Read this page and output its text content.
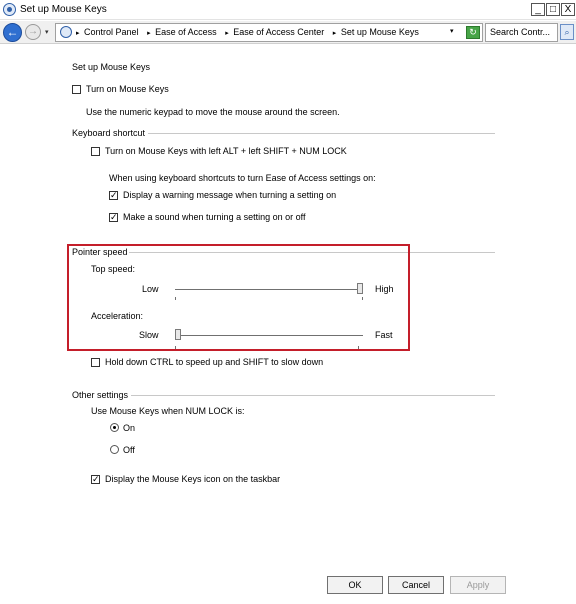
Set up Mouse Keys	_ □ X
← →	▾	▸ Control Panel ▸ Ease of Access ▸ Ease of Access Center ▸ Set up Mouse Keys	▾	↻	Search Contr...	⌕
Set up Mouse Keys
Turn on Mouse Keys
Use the numeric keypad to move the mouse around the screen.
Keyboard shortcut
Turn on Mouse Keys with left ALT + left SHIFT + NUM LOCK
When using keyboard shortcuts to turn Ease of Access settings on:
✓ Display a warning message when turning a setting on
✓ Make a sound when turning a setting on or off
Pointer speed
Top speed:
Low	High
Acceleration:
Slow	Fast
Hold down CTRL to speed up and SHIFT to slow down
Other settings
Use Mouse Keys when NUM LOCK is:
On
Off
✓ Display the Mouse Keys icon on the taskbar
OK	Cancel	Apply
